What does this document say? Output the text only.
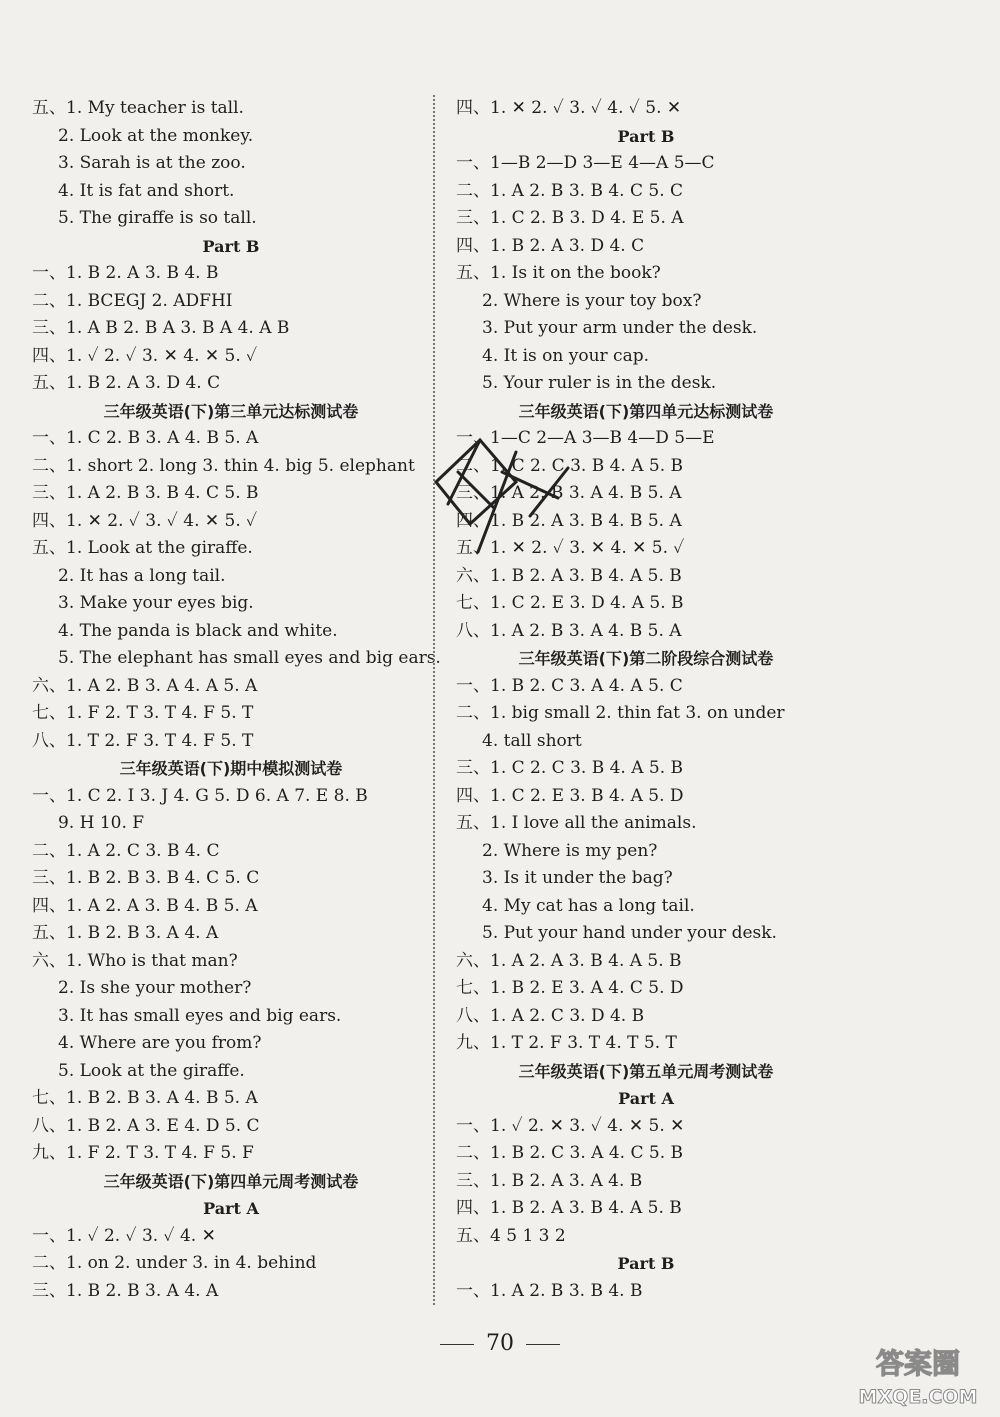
五、1. My teacher is tall.
2. Look at the monkey.
3. Sarah is at the zoo.
4. It is fat and short.
5. The giraffe is so tall.
Part B
一、1. B 2. A 3. B 4. B
二、1. BCEGJ 2. ADFHI
三、1. A B 2. B A 3. B A 4. A B
四、1. ✓ 2. ✓ 3. ✕ 4. ✕ 5. ✓
五、1. B 2. A 3. D 4. C
三年级英语(下)第三单元达标测试卷
一、1. C 2. B 3. A 4. B 5. A
二、1. short 2. long 3. thin 4. big 5. elephant
三、1. A 2. B 3. B 4. C 5. B
四、1. ✕ 2. ✓ 3. ✓ 4. ✕ 5. ✓
五、1. Look at the giraffe.
2. It has a long tail.
3. Make your eyes big.
4. The panda is black and white.
5. The elephant has small eyes and big ears.
六、1. A 2. B 3. A 4. A 5. A
七、1. F 2. T 3. T 4. F 5. T
八、1. T 2. F 3. T 4. F 5. T
三年级英语(下)期中模拟测试卷
一、1. C 2. I 3. J 4. G 5. D 6. A 7. E 8. B
9. H 10. F
二、1. A 2. C 3. B 4. C
三、1. B 2. B 3. B 4. C 5. C
四、1. A 2. A 3. B 4. B 5. A
五、1. B 2. B 3. A 4. A
六、1. Who is that man?
2. Is she your mother?
3. It has small eyes and big ears.
4. Where are you from?
5. Look at the giraffe.
七、1. B 2. B 3. A 4. B 5. A
八、1. B 2. A 3. E 4. D 5. C
九、1. F 2. T 3. T 4. F 5. F
三年级英语(下)第四单元周考测试卷
Part A
一、1. ✓ 2. ✓ 3. ✓ 4. ✕
二、1. on 2. under 3. in 4. behind
三、1. B 2. B 3. A 4. A
四、1. ✕ 2. ✓ 3. ✓ 4. ✓ 5. ✕
Part B
一、1—B 2—D 3—E 4—A 5—C
二、1. A 2. B 3. B 4. C 5. C
三、1. C 2. B 3. D 4. E 5. A
四、1. B 2. A 3. D 4. C
五、1. Is it on the book?
2. Where is your toy box?
3. Put your arm under the desk.
4. It is on your cap.
5. Your ruler is in the desk.
三年级英语(下)第四单元达标测试卷
一、1—C 2—A 3—B 4—D 5—E
二、1. C 2. C 3. B 4. A 5. B
三、1. A 2. B 3. A 4. B 5. A
四、1. B 2. A 3. B 4. B 5. A
五、1. ✕ 2. ✓ 3. ✕ 4. ✕ 5. ✓
六、1. B 2. A 3. B 4. A 5. B
七、1. C 2. E 3. D 4. A 5. B
八、1. A 2. B 3. A 4. B 5. A
三年级英语(下)第二阶段综合测试卷
一、1. B 2. C 3. A 4. A 5. C
二、1. big small 2. thin fat 3. on under
4. tall short
三、1. C 2. C 3. B 4. A 5. B
四、1. C 2. E 3. B 4. A 5. D
五、1. I love all the animals.
2. Where is my pen?
3. Is it under the bag?
4. My cat has a long tail.
5. Put your hand under your desk.
六、1. A 2. A 3. B 4. A 5. B
七、1. B 2. E 3. A 4. C 5. D
八、1. A 2. C 3. D 4. B
九、1. T 2. F 3. T 4. T 5. T
三年级英语(下)第五单元周考测试卷
Part A
一、1. ✓ 2. ✕ 3. ✓ 4. ✕ 5. ✕
二、1. B 2. C 3. A 4. C 5. B
三、1. B 2. A 3. A 4. B
四、1. B 2. A 3. B 4. A 5. B
五、4 5 1 3 2
Part B
一、1. A 2. B 3. B 4. B
70
答案圈
MXQE.COM
